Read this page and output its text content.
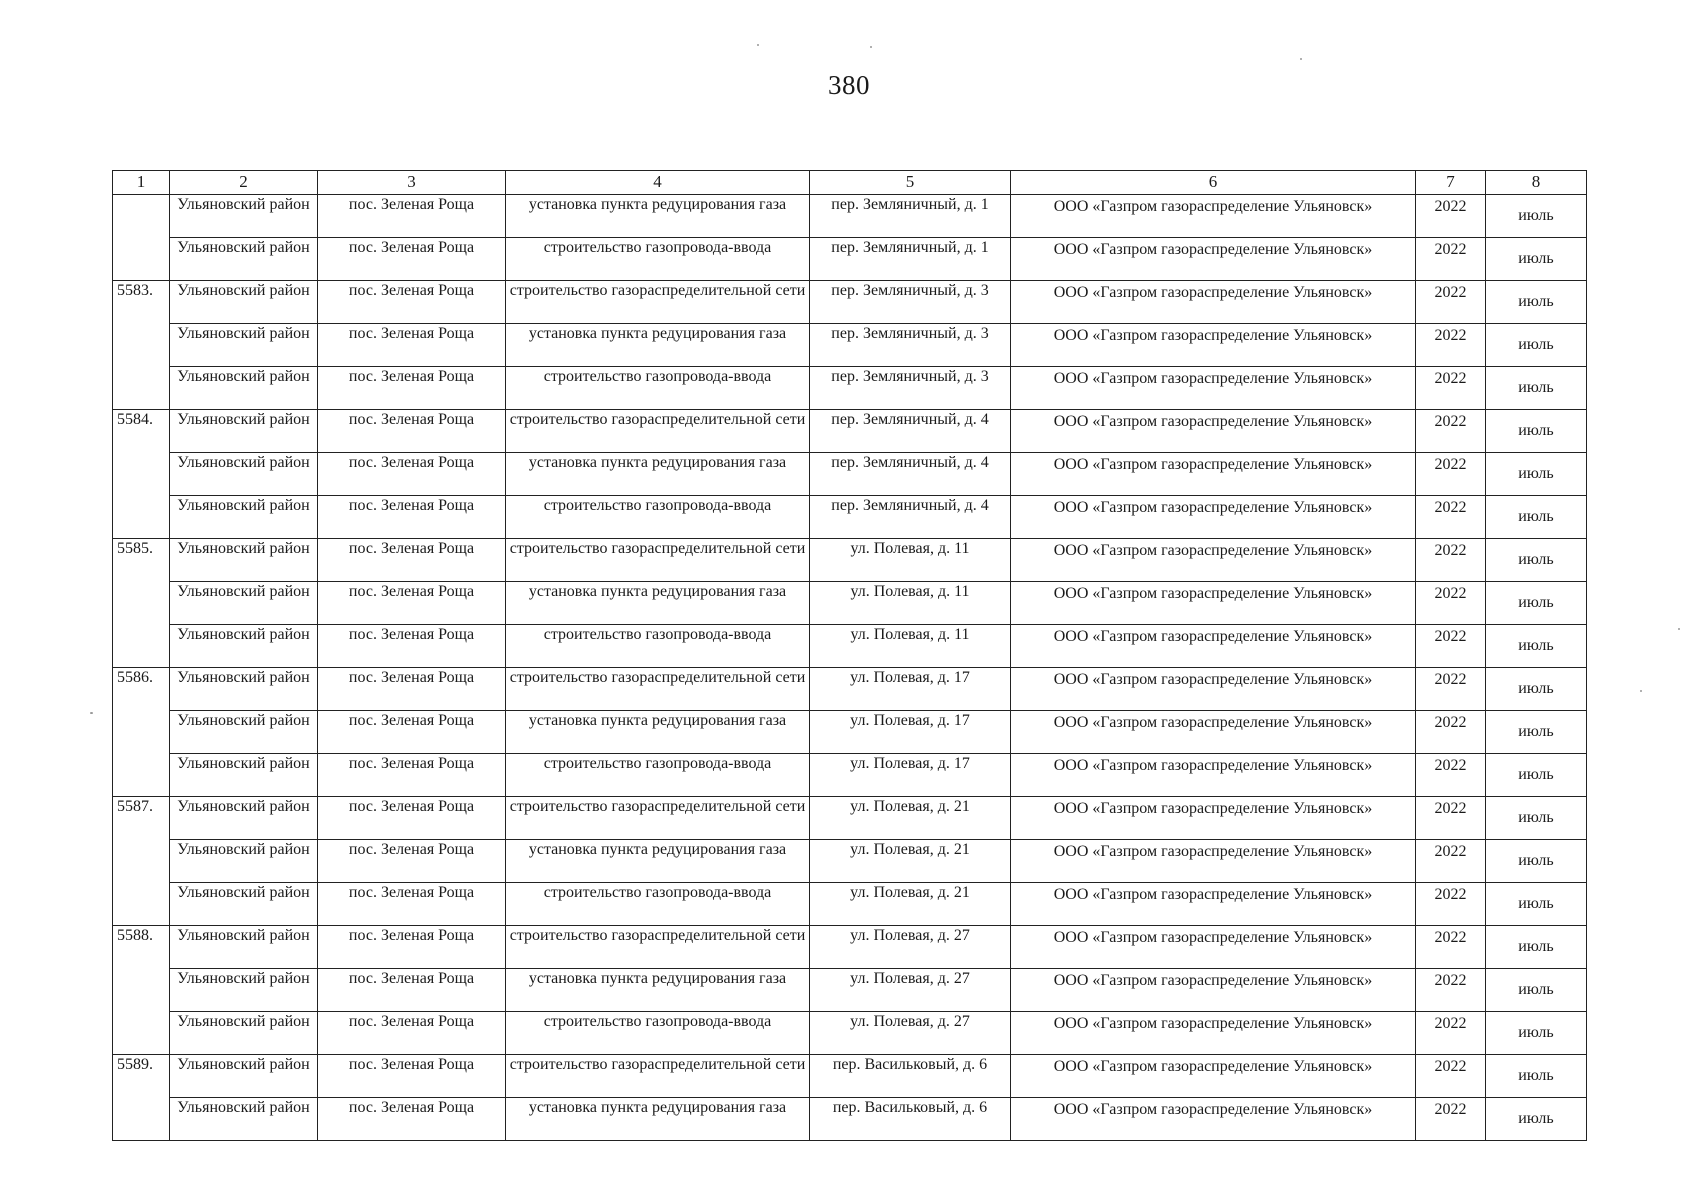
380
1	2	3	4	5	6	7	8
	Ульяновский район	пос. Зеленая Роща	установка пункта редуцирования газа	пер. Земляничный, д. 1	ООО «Газпром газораспределение Ульяновск»	2022	июль
	Ульяновский район	пос. Зеленая Роща	строительство газопровода-ввода	пер. Земляничный, д. 1	ООО «Газпром газораспределение Ульяновск»	2022	июль
5583.	Ульяновский район	пос. Зеленая Роща	строительство газораспределительной сети	пер. Земляничный, д. 3	ООО «Газпром газораспределение Ульяновск»	2022	июль
	Ульяновский район	пос. Зеленая Роща	установка пункта редуцирования газа	пер. Земляничный, д. 3	ООО «Газпром газораспределение Ульяновск»	2022	июль
	Ульяновский район	пос. Зеленая Роща	строительство газопровода-ввода	пер. Земляничный, д. 3	ООО «Газпром газораспределение Ульяновск»	2022	июль
5584.	Ульяновский район	пос. Зеленая Роща	строительство газораспределительной сети	пер. Земляничный, д. 4	ООО «Газпром газораспределение Ульяновск»	2022	июль
	Ульяновский район	пос. Зеленая Роща	установка пункта редуцирования газа	пер. Земляничный, д. 4	ООО «Газпром газораспределение Ульяновск»	2022	июль
	Ульяновский район	пос. Зеленая Роща	строительство газопровода-ввода	пер. Земляничный, д. 4	ООО «Газпром газораспределение Ульяновск»	2022	июль
5585.	Ульяновский район	пос. Зеленая Роща	строительство газораспределительной сети	ул. Полевая, д. 11	ООО «Газпром газораспределение Ульяновск»	2022	июль
	Ульяновский район	пос. Зеленая Роща	установка пункта редуцирования газа	ул. Полевая, д. 11	ООО «Газпром газораспределение Ульяновск»	2022	июль
	Ульяновский район	пос. Зеленая Роща	строительство газопровода-ввода	ул. Полевая, д. 11	ООО «Газпром газораспределение Ульяновск»	2022	июль
5586.	Ульяновский район	пос. Зеленая Роща	строительство газораспределительной сети	ул. Полевая, д. 17	ООО «Газпром газораспределение Ульяновск»	2022	июль
	Ульяновский район	пос. Зеленая Роща	установка пункта редуцирования газа	ул. Полевая, д. 17	ООО «Газпром газораспределение Ульяновск»	2022	июль
	Ульяновский район	пос. Зеленая Роща	строительство газопровода-ввода	ул. Полевая, д. 17	ООО «Газпром газораспределение Ульяновск»	2022	июль
5587.	Ульяновский район	пос. Зеленая Роща	строительство газораспределительной сети	ул. Полевая, д. 21	ООО «Газпром газораспределение Ульяновск»	2022	июль
	Ульяновский район	пос. Зеленая Роща	установка пункта редуцирования газа	ул. Полевая, д. 21	ООО «Газпром газораспределение Ульяновск»	2022	июль
	Ульяновский район	пос. Зеленая Роща	строительство газопровода-ввода	ул. Полевая, д. 21	ООО «Газпром газораспределение Ульяновск»	2022	июль
5588.	Ульяновский район	пос. Зеленая Роща	строительство газораспределительной сети	ул. Полевая, д. 27	ООО «Газпром газораспределение Ульяновск»	2022	июль
	Ульяновский район	пос. Зеленая Роща	установка пункта редуцирования газа	ул. Полевая, д. 27	ООО «Газпром газораспределение Ульяновск»	2022	июль
	Ульяновский район	пос. Зеленая Роща	строительство газопровода-ввода	ул. Полевая, д. 27	ООО «Газпром газораспределение Ульяновск»	2022	июль
5589.	Ульяновский район	пос. Зеленая Роща	строительство газораспределительной сети	пер. Васильковый, д. 6	ООО «Газпром газораспределение Ульяновск»	2022	июль
	Ульяновский район	пос. Зеленая Роща	установка пункта редуцирования газа	пер. Васильковый, д. 6	ООО «Газпром газораспределение Ульяновск»	2022	июль
